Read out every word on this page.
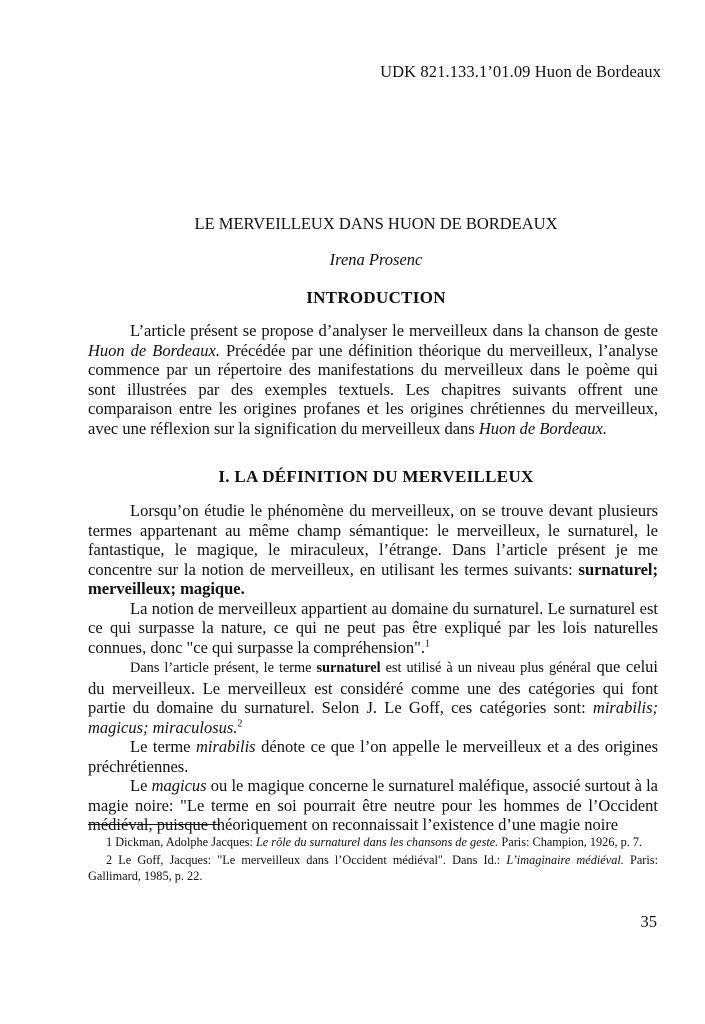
UDK 821.133.1’01.09 Huon de Bordeaux
LE MERVEILLEUX DANS HUON DE BORDEAUX
Irena Prosenc
INTRODUCTION

L’article présent se propose d’analyser le merveilleux dans la chanson de geste Huon de Bordeaux. Précédée par une définition théorique du merveilleux, l’analyse commence par un répertoire des manifestations du merveilleux dans le poème qui sont illustrées par des exemples textuels. Les chapitres suivants offrent une comparaison entre les origines profanes et les origines chrétiennes du merveilleux, avec une réflexion sur la signification du merveilleux dans Huon de Bordeaux.

I. LA DÉFINITION DU MERVEILLEUX

Lorsqu’on étudie le phénomène du merveilleux, on se trouve devant plusieurs termes appartenant au même champ sémantique: le merveilleux, le surnaturel, le fantastique, le magique, le miraculeux, l’étrange. Dans l’article présent je me concentre sur la notion de merveilleux, en utilisant les termes suivants: surnaturel; merveilleux; magique.

La notion de merveilleux appartient au domaine du surnaturel. Le surnaturel est ce qui surpasse la nature, ce qui ne peut pas être expliqué par les lois naturelles connues, donc "ce qui surpasse la compréhension".$^1$

Dans l’article présent, le terme surnaturel est utilisé à un niveau plus général que celui du merveilleux. Le merveilleux est considéré comme une des catégories qui font partie du domaine du surnaturel. Selon J. Le Goff, ces catégories sont: mirabilis; magicus; miraculosus.$^2$

Le terme mirabilis dénote ce que l’on appelle le merveilleux et a des origines préchrétiennes.

Le magicus ou le magique concerne le surnaturel maléfique, associé surtout à la magie noire: "Le terme en soi pourrait être neutre pour les hommes de l’Occident médiéval, puisque théoriquement on reconnaissait l’existence d’une magie noire

1 Dickman, Adolphe Jacques: Le rôle du surnaturel dans les chansons de geste. Paris: Champion, 1926, p. 7.

2 Le Goff, Jacques: "Le merveilleux dans l’Occident médiéval". Dans Id.: L’imaginaire médiéval. Paris: Gallimard, 1985, p. 22.

35
